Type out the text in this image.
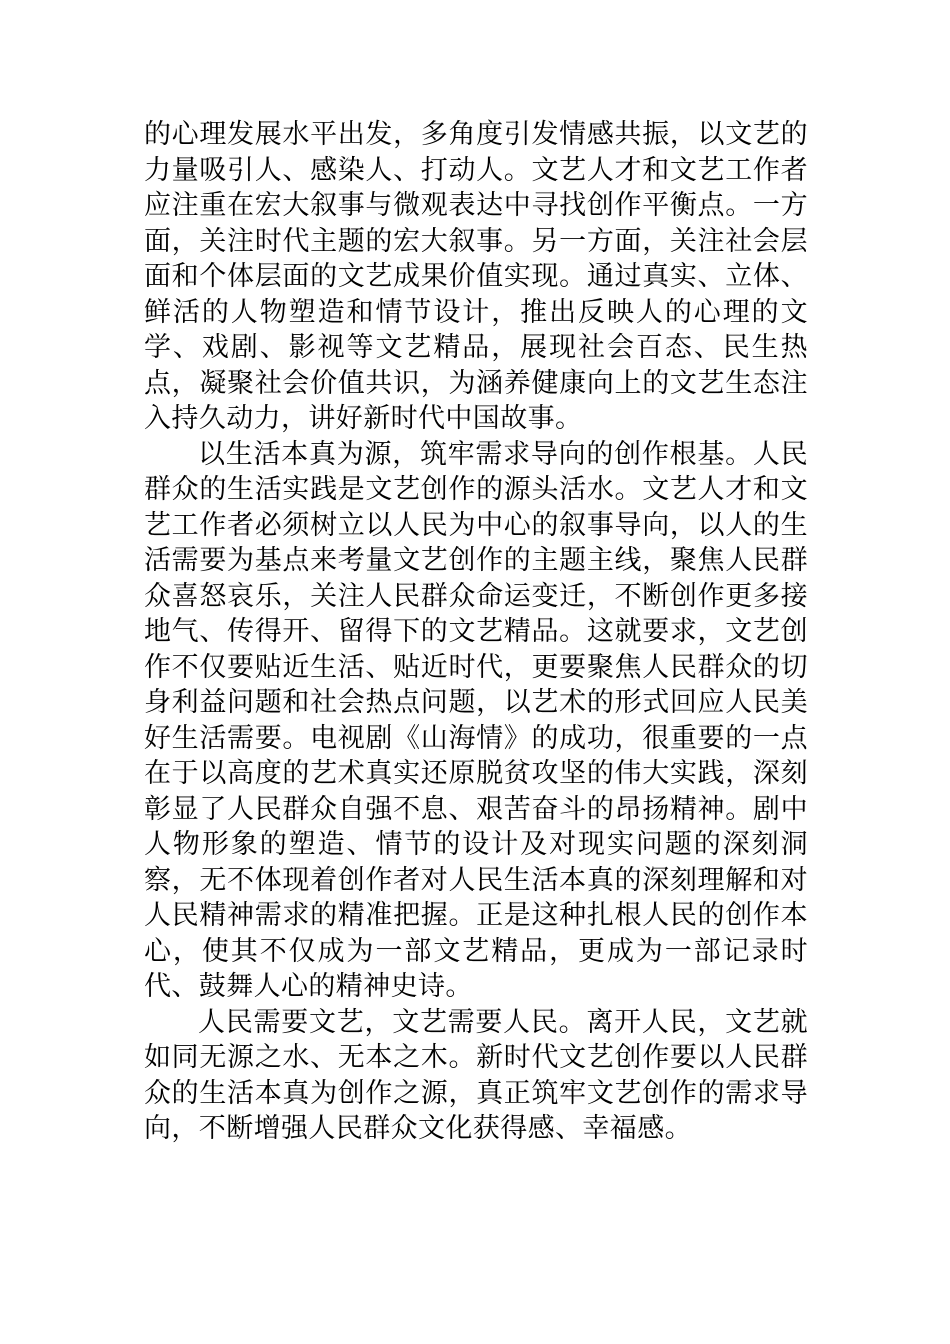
的心理发展水平出发，多角度引发情感共振，以文艺的力量吸引人、感染人、打动人。文艺人才和文艺工作者应注重在宏大叙事与微观表达中寻找创作平衡点。一方面，关注时代主题的宏大叙事。另一方面，关注社会层面和个体层面的文艺成果价值实现。通过真实、立体、鲜活的人物塑造和情节设计，推出反映人的心理的文学、戏剧、影视等文艺精品，展现社会百态、民生热点，凝聚社会价值共识，为涵养健康向上的文艺生态注入持久动力，讲好新时代中国故事。

以生活本真为源，筑牢需求导向的创作根基。人民群众的生活实践是文艺创作的源头活水。文艺人才和文艺工作者必须树立以人民为中心的叙事导向，以人的生活需要为基点来考量文艺创作的主题主线，聚焦人民群众喜怒哀乐，关注人民群众命运变迁，不断创作更多接地气、传得开、留得下的文艺精品。这就要求，文艺创作不仅要贴近生活、贴近时代，更要聚焦人民群众的切身利益问题和社会热点问题，以艺术的形式回应人民美好生活需要。电视剧《山海情》的成功，很重要的一点在于以高度的艺术真实还原脱贫攻坚的伟大实践，深刻彰显了人民群众自强不息、艰苦奋斗的昂扬精神。剧中人物形象的塑造、情节的设计及对现实问题的深刻洞察，无不体现着创作者对人民生活本真的深刻理解和对人民精神需求的精准把握。正是这种扎根人民的创作本心，使其不仅成为一部文艺精品，更成为一部记录时代、鼓舞人心的精神史诗。

人民需要文艺，文艺需要人民。离开人民，文艺就如同无源之水、无本之木。新时代文艺创作要以人民群众的生活本真为创作之源，真正筑牢文艺创作的需求导向，不断增强人民群众文化获得感、幸福感。
